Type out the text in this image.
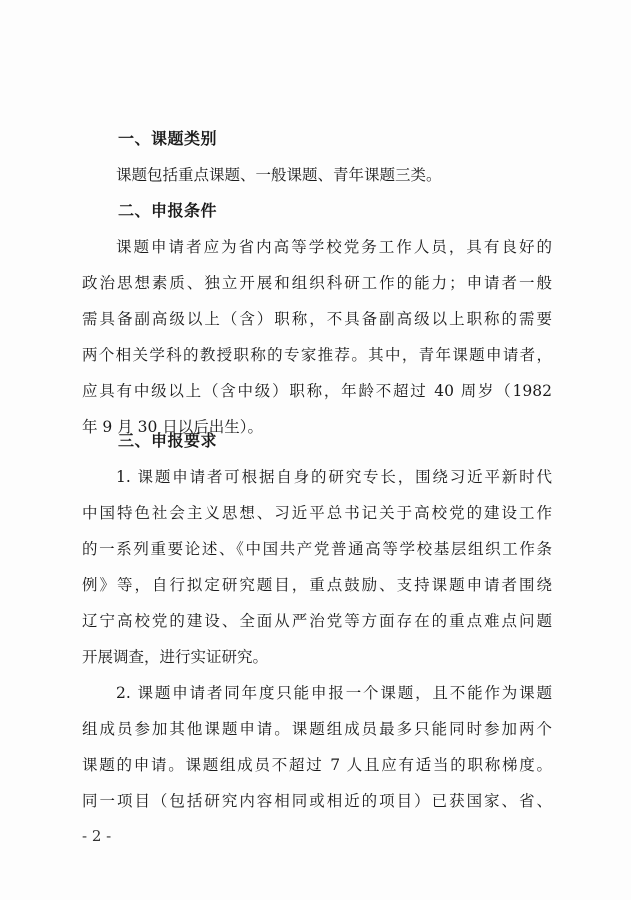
一、课题类别
课题包括重点课题、一般课题、青年课题三类。
二、申报条件
课题申请者应为省内高等学校党务工作人员，具有良好的
政治思想素质、独立开展和组织科研工作的能力；申请者一般
需具备副高级以上（含）职称，不具备副高级以上职称的需要
两个相关学科的教授职称的专家推荐。其中，青年课题申请者，
应具有中级以上（含中级）职称，年龄不超过 40 周岁（1982
年 9 月 30 日以后出生）。
三、申报要求
1. 课题申请者可根据自身的研究专长，围绕习近平新时代
中国特色社会主义思想、习近平总书记关于高校党的建设工作
的一系列重要论述、《中国共产党普通高等学校基层组织工作条
例》等，自行拟定研究题目，重点鼓励、支持课题申请者围绕
辽宁高校党的建设、全面从严治党等方面存在的重点难点问题
开展调查，进行实证研究。
2. 课题申请者同年度只能申报一个课题，且不能作为课题
组成员参加其他课题申请。课题组成员最多只能同时参加两个
课题的申请。课题组成员不超过 7 人且应有适当的职称梯度。
同一项目（包括研究内容相同或相近的项目）已获国家、省、
- 2 -
